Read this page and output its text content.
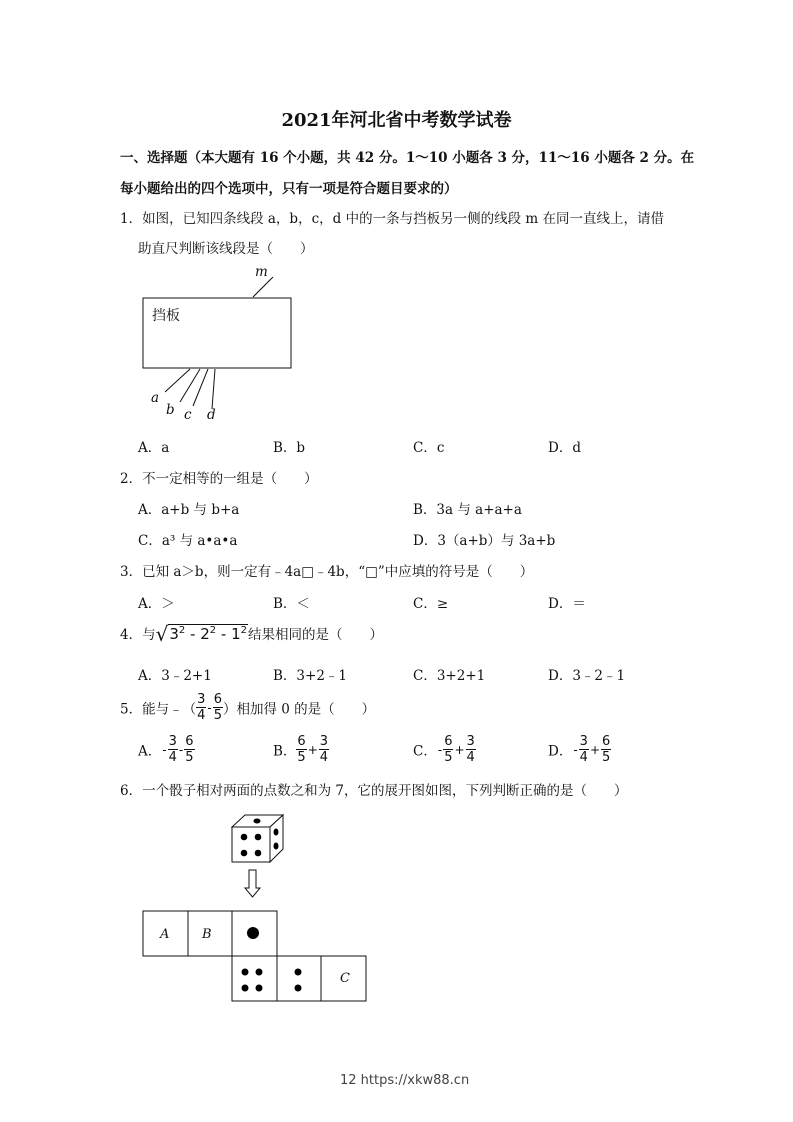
2021年河北省中考数学试卷
一、选择题（本大题有 16 个小题，共 42 分。1～10 小题各 3 分，11～16 小题各 2 分。在
每小题给出的四个选项中，只有一项是符合题目要求的）
1．如图，已知四条线段 a，b，c，d 中的一条与挡板另一侧的线段 m 在同一直线上，请借
助直尺判断该线段是（　　）
挡板
m
a
b c d
A．a	B．b	C．c	D．d
2．不一定相等的一组是（　　）
A．a+b 与 b+a	B．3a 与 a+a+a
C．a³ 与 a•a•a	D．3（a+b）与 3a+b
3．已知 a＞b，则一定有﹣4a□﹣4b，“□”中应填的符号是（　　）
A．＞	B．＜	C．≥	D．＝
4．与$√3^2 - 2^2 - 1^2$结果相同的是（　　）
A．3﹣2+1	B．3+2﹣1	C．3+2+1	D．3﹣2﹣1
5．能与﹣（ $\frac{3}{4} - \frac{6}{5}$ ）相加得 0 的是（　　）
A．- $\frac{3}{4} - \frac{6}{5}$	B． $\frac{6}{5} + \frac{3}{4}$	C．- $\frac{6}{5} + \frac{3}{4}$	D．- $\frac{3}{4} + \frac{6}{5}$
6．一个骰子相对两面的点数之和为 7，它的展开图如图，下列判断正确的是（　　）
A	B
C
12 https://xkw88.cn
